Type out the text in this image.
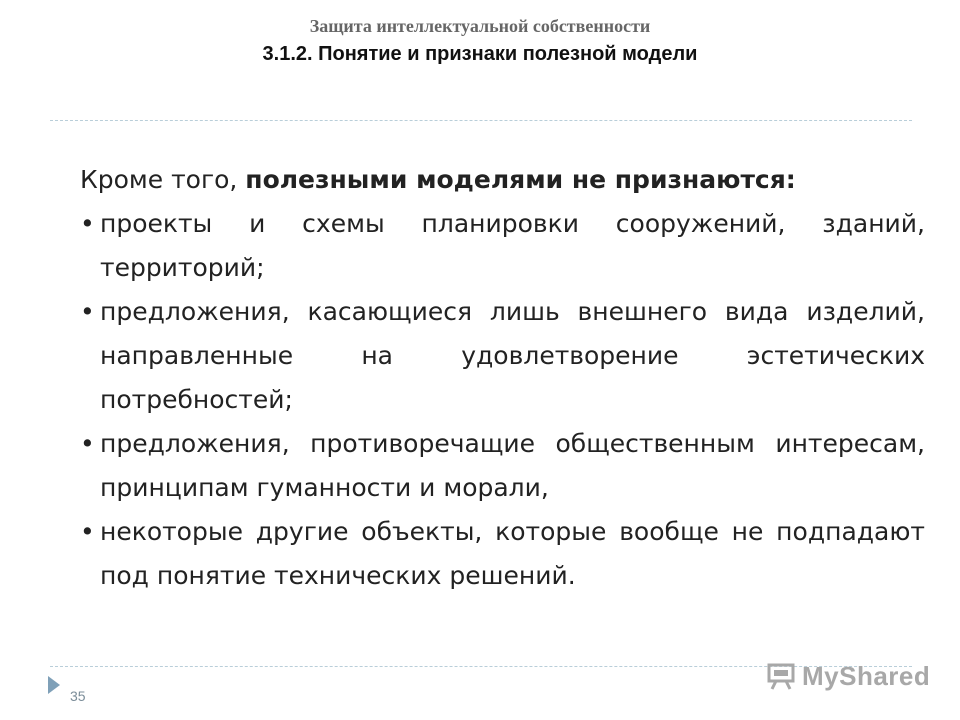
Защита интеллектуальной собственности
3.1.2. Понятие и признаки полезной модели
Кроме того, полезными моделями не признаются:
• проекты и схемы планировки сооружений, зданий, территорий;
• предложения, касающиеся лишь внешнего вида изделий, направленные на удовлетворение эстетических потребностей;
• предложения, противоречащие общественным интересам, принципам гуманности и морали,
• некоторые другие объекты, которые вообще не подпадают под понятие технических решений.
35
MyShared
